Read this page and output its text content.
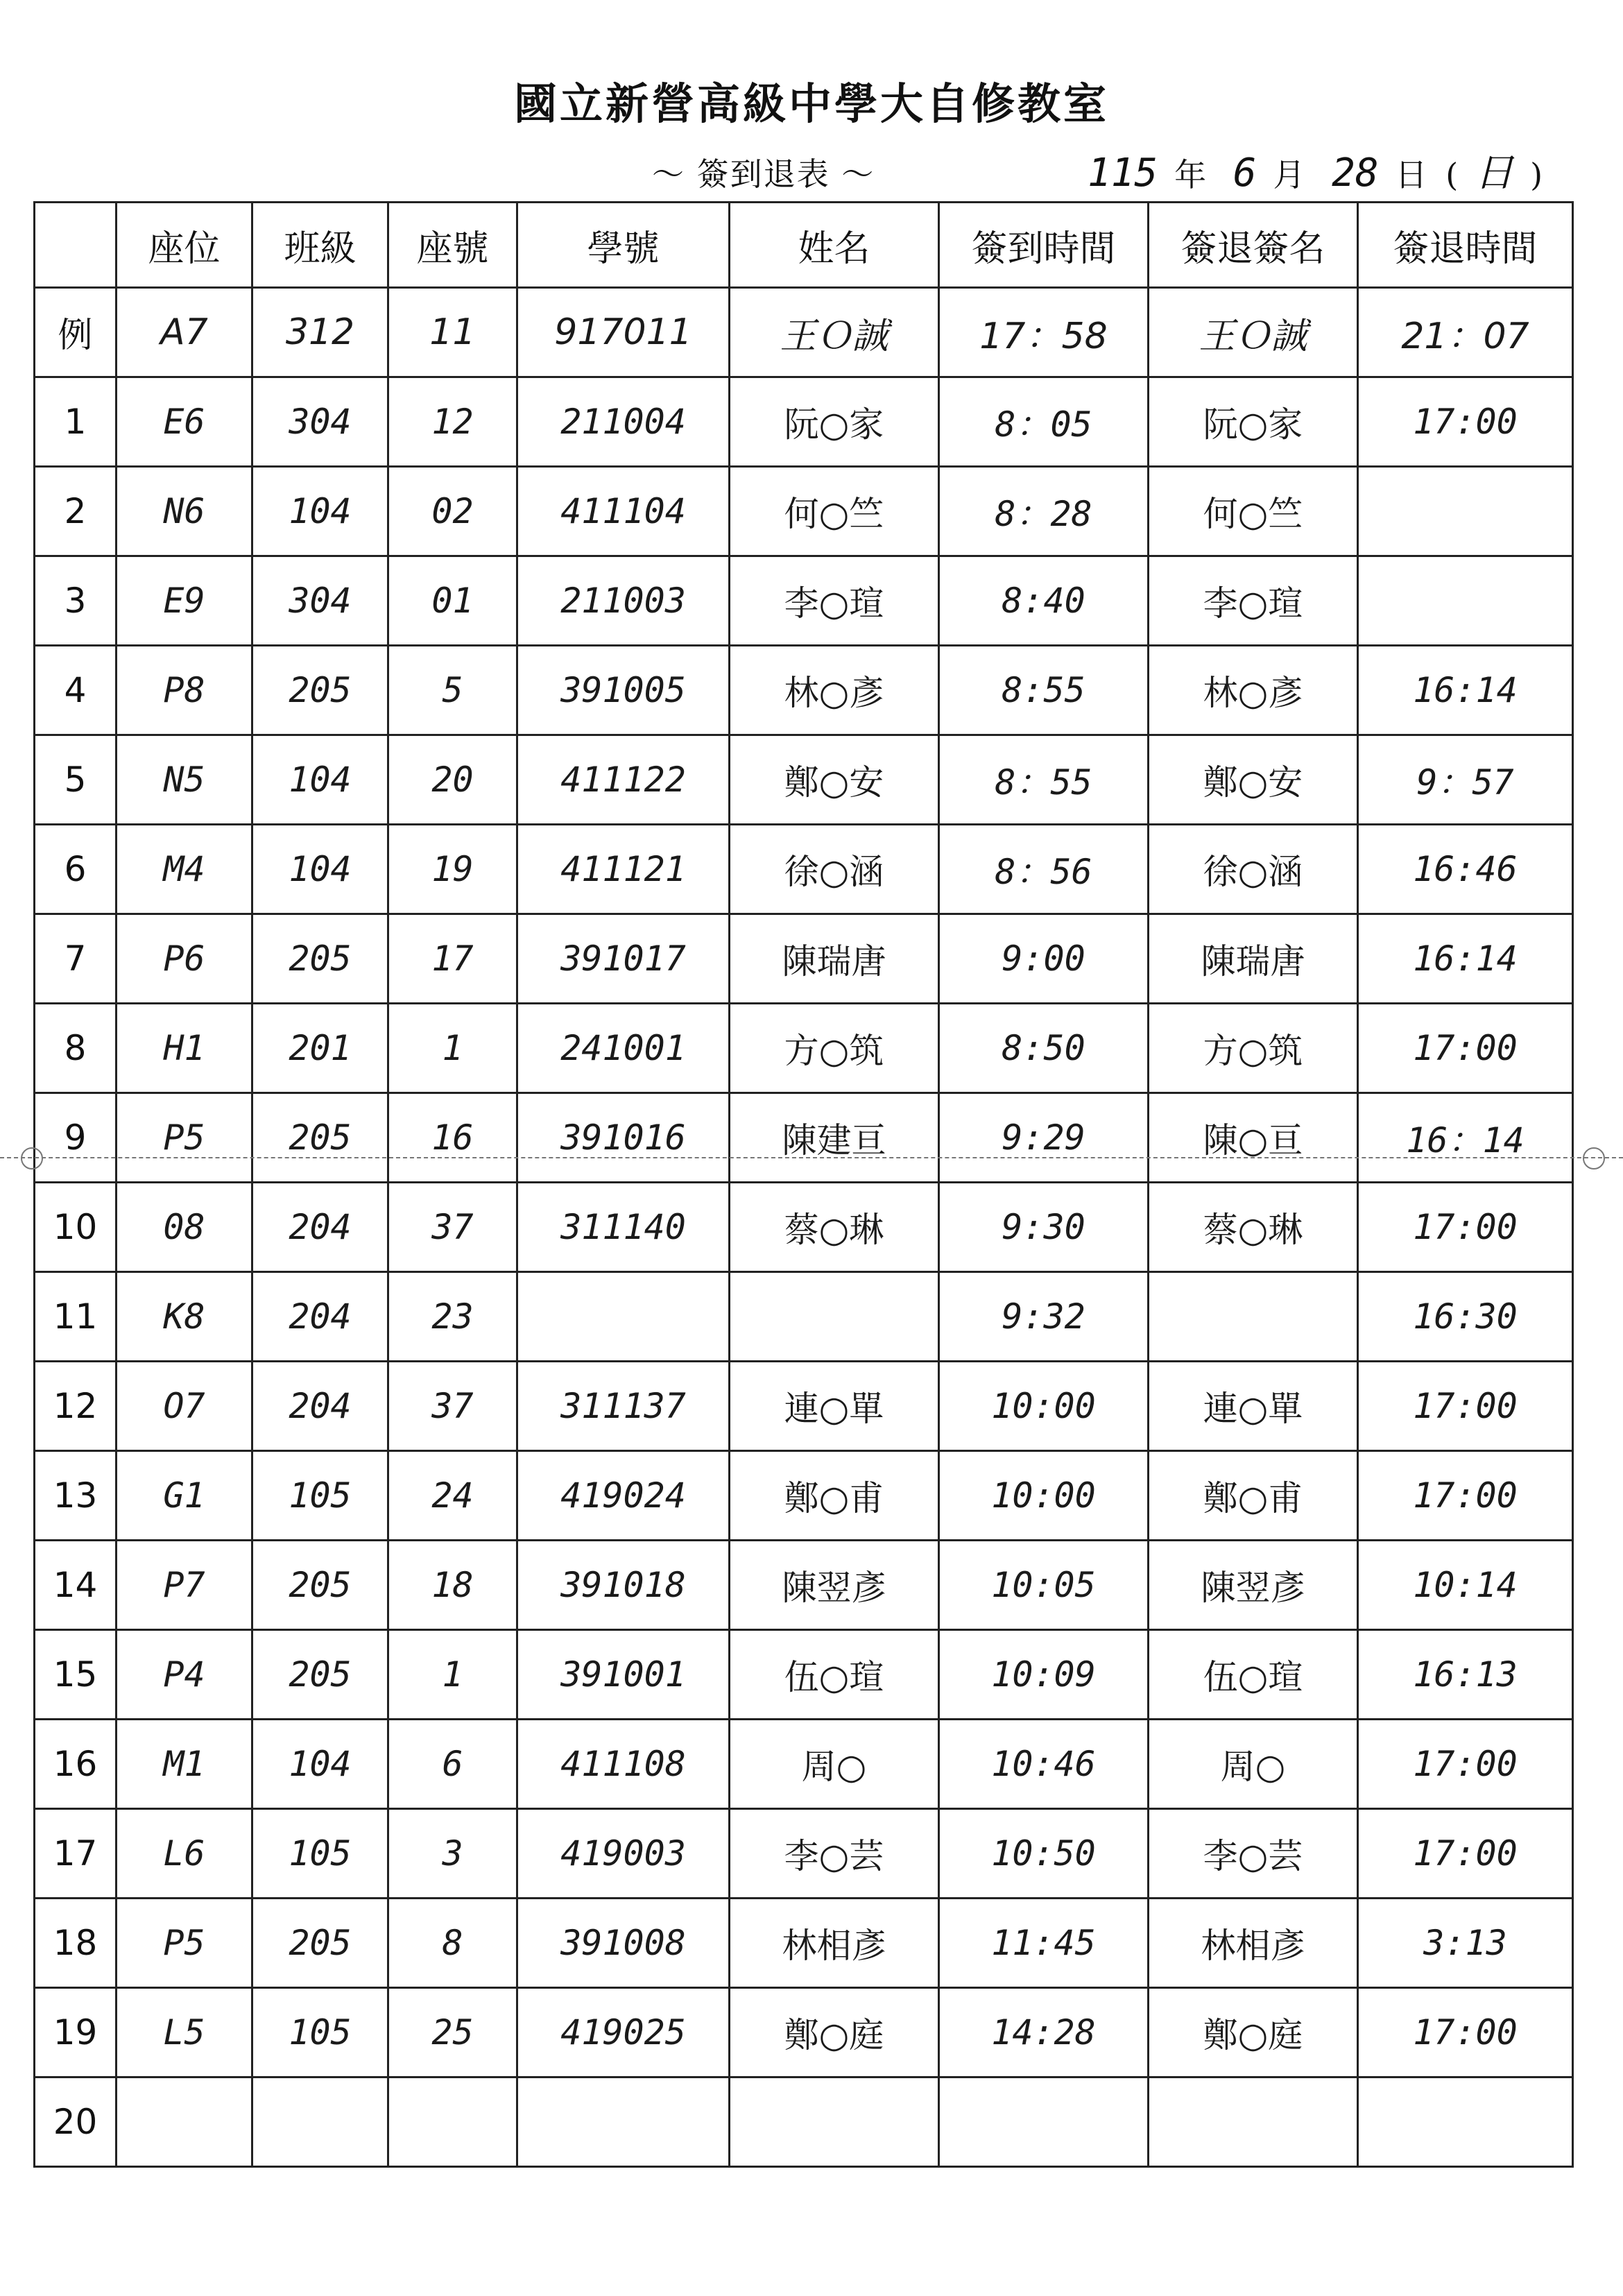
國立新營高級中學大自修教室
～ 簽到退表 ～	115 年 6 月 28 日 ( 日 )
	座位	班級	座號	學號	姓名	簽到時間	簽退簽名	簽退時間
例	A7	312	11	917011	王Ｏ誠	17：58	王Ｏ誠	21：07
1	E6	304	12	211004	阮○家	8：05	阮○家	17:00
2	N6	104	02	411104	何○竺	8：28	何○竺	
3	E9	304	01	211003	李○瑄	8:40	李○瑄	
4	P8	205	5	391005	林○彥	8:55	林○彥	16:14
5	N5	104	20	411122	鄭○安	8：55	鄭○安	9：57
6	M4	104	19	411121	徐○涵	8：56	徐○涵	16:46
7	P6	205	17	391017	陳瑞唐	9:00	陳瑞唐	16:14
8	H1	201	1	241001	方○筑	8:50	方○筑	17:00
9	P5	205	16	391016	陳建亘	9:29	陳○亘	16：14
10	08	204	37	311140	蔡○琳	9:30	蔡○琳	17:00
11	K8	204	23			9:32		16:30
12	O7	204	37	311137	連○單	10:00	連○單	17:00
13	G1	105	24	419024	鄭○甫	10:00	鄭○甫	17:00
14	P7	205	18	391018	陳翌彥	10:05	陳翌彥	10:14
15	P4	205	1	391001	伍○瑄	10:09	伍○瑄	16:13
16	M1	104	6	411108	周○	10:46	周○	17:00
17	L6	105	3	419003	李○芸	10:50	李○芸	17:00
18	P5	205	8	391008	林相彥	11:45	林相彥	3:13
19	L5	105	25	419025	鄭○庭	14:28	鄭○庭	17:00
20								
